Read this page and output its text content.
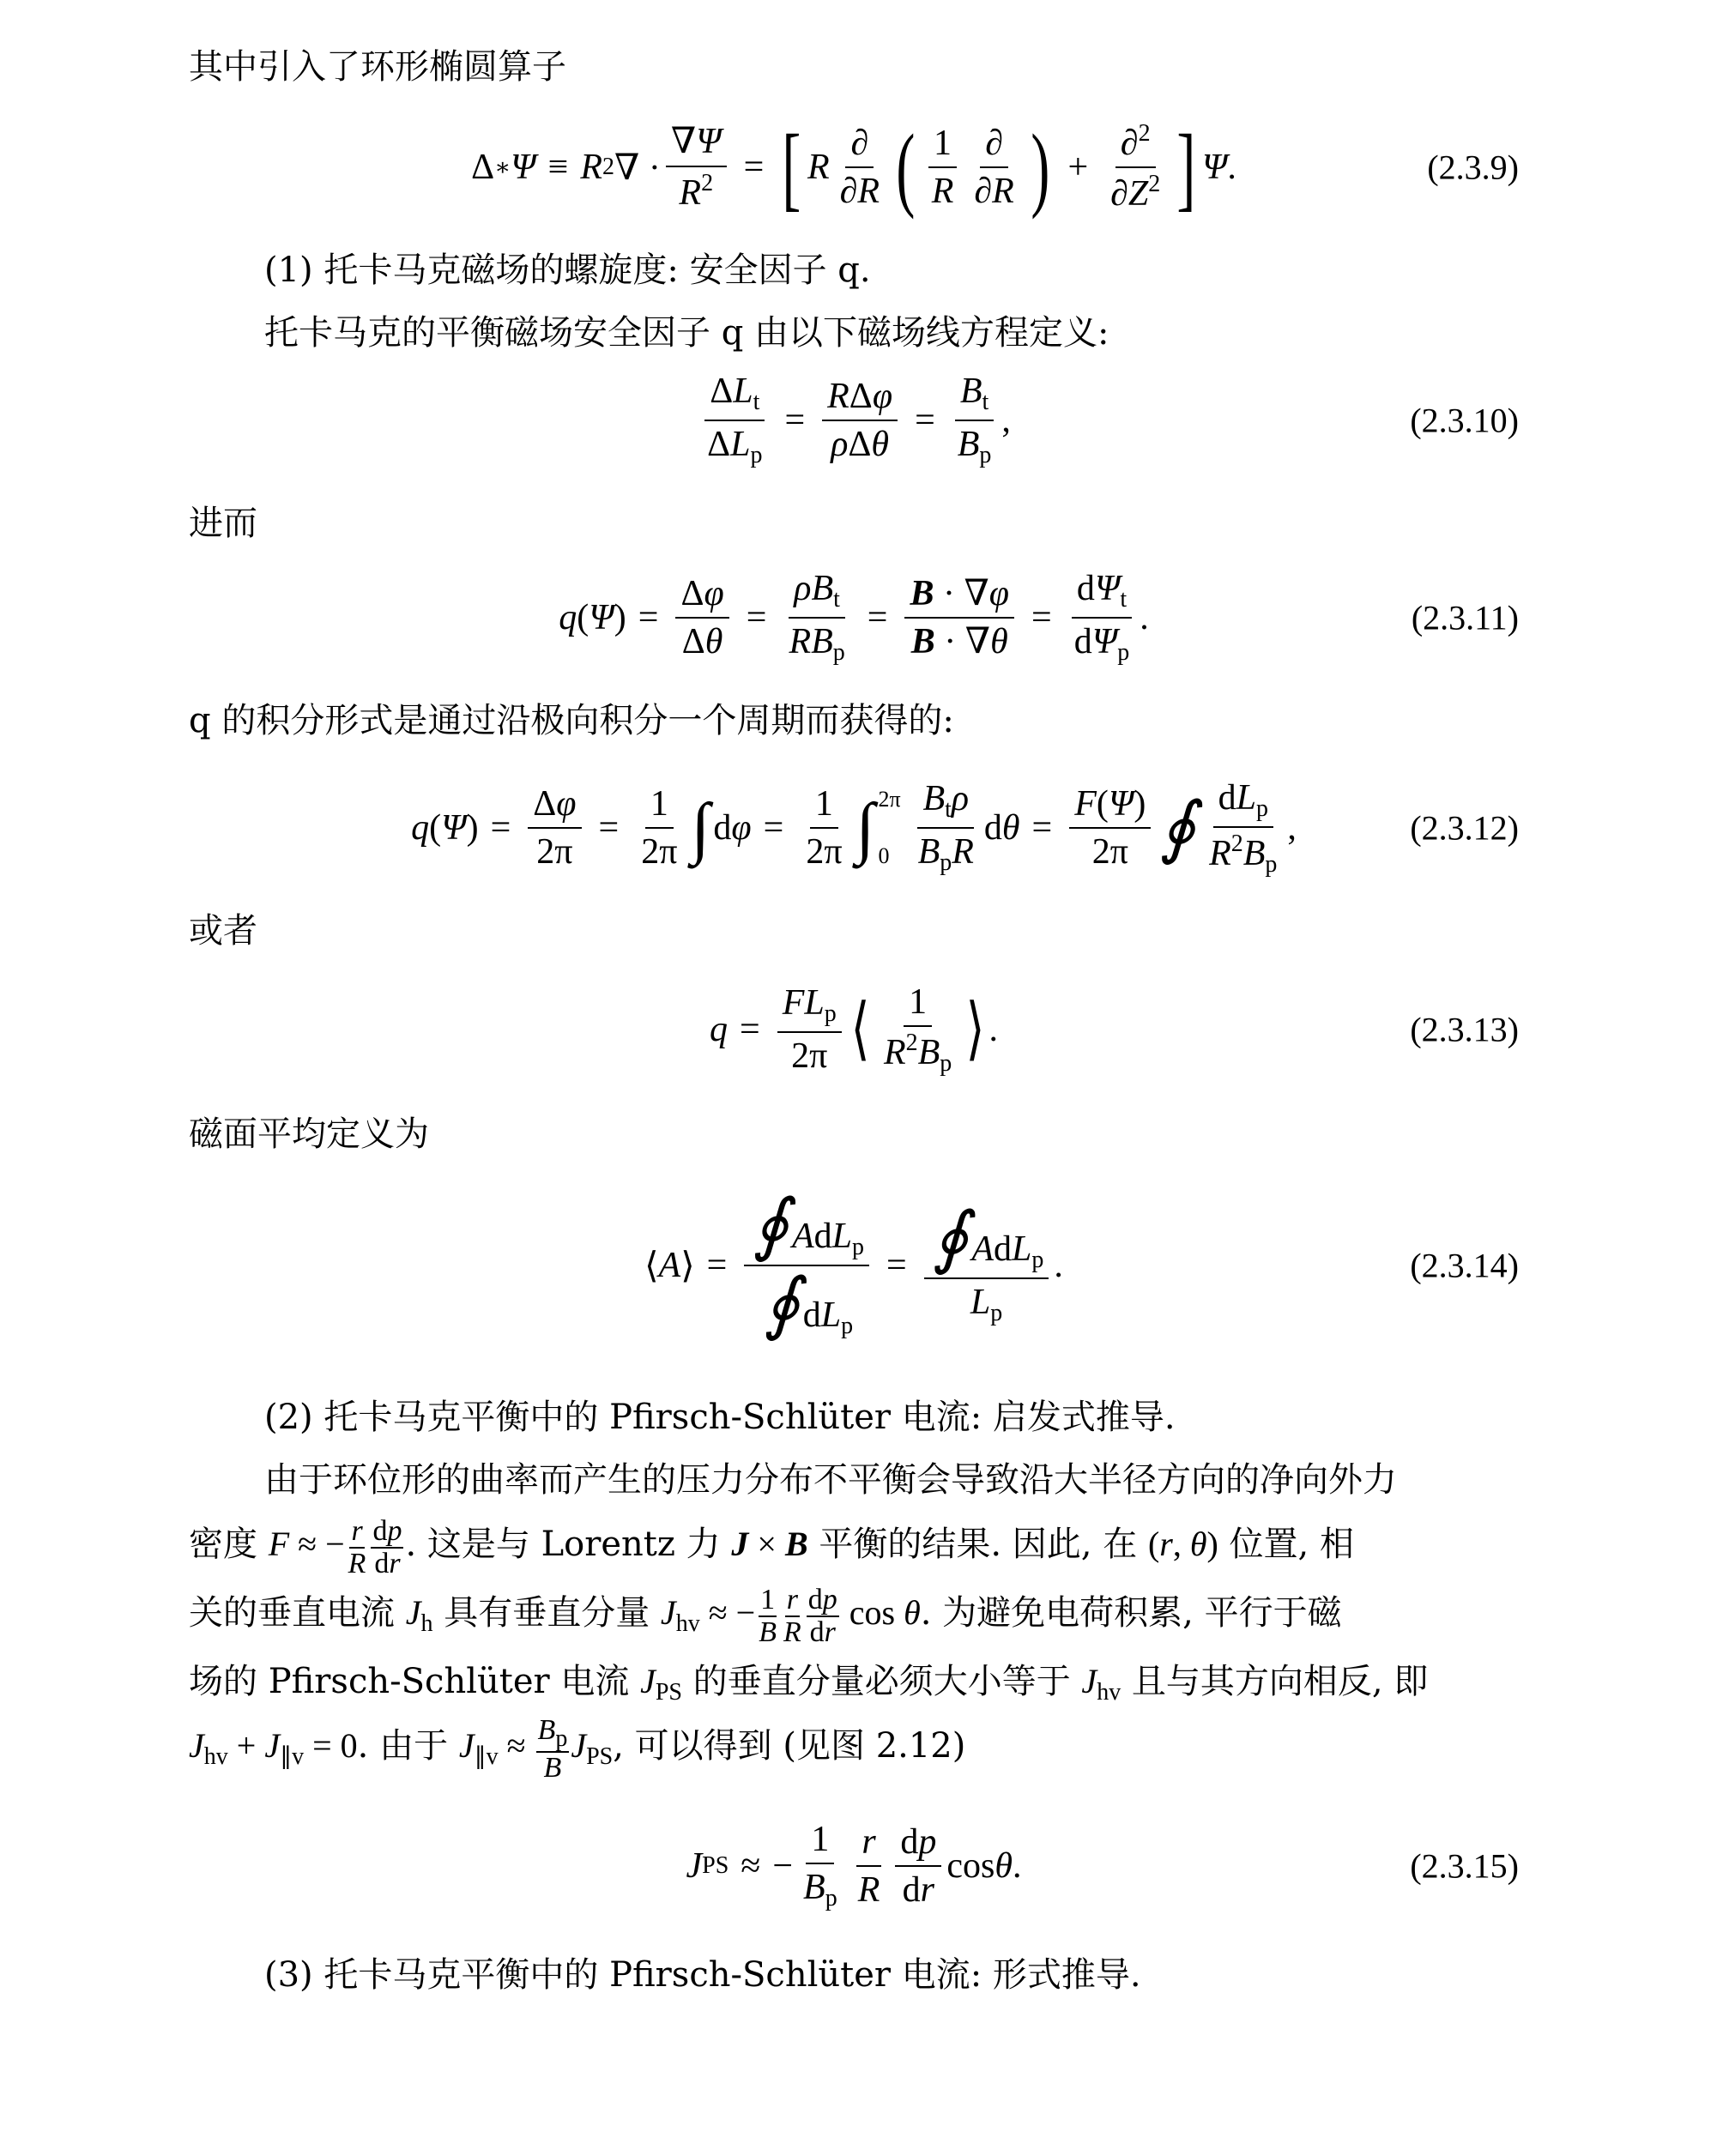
其中引入了环形椭圆算子
Δ ∗ Ψ ≡ R 2 ∇ · $\frac{\nabla\Psi}{R^2}$ = [ R $\frac{\partial}{\partial R}$ ( $\frac{1}{R} \frac{\partial}{\partial R}$ ) + $\frac{\partial^2}{\partial Z^2}$ ] Ψ .	(2.3.9)
(1) 托卡马克磁场的螺旋度: 安全因子 q.
托卡马克的平衡磁场安全因子 q 由以下磁场线方程定义:
$\frac{\Delta L_t}{\Delta L_p} = \frac{\text{RΔφ}}{\text{ρΔθ}} = \frac{B_t}{B_p}$ ,	(2.3.10)
进而
q ( Ψ ) = $\frac{\Delta\varphi}{\Delta\theta} = \frac{\rho B_t}{RB_p} = \frac{B \cdot \nabla\varphi}{B \cdot \nabla\theta} = \frac{d\Psi_t}{d\Psi_p}$ .	(2.3.11)
q 的积分形式是通过沿极向积分一个周期而获得的:
q ( Ψ ) = $\frac{\Delta\varphi}{2\pi} = \frac{1}{2\pi}$ ∫ d $\varphi = \frac{1}{2\pi}$ ∫ 2π
$0 \frac{B_t\rho}{B_pR}$ d $\theta = \frac{F(\Psi)}{2\pi}$ ∮ $\frac{dL_p}{R^2B_p}$ ,	(2.3.12)
或者
$q = \frac{FL_p}{2\pi}$ ⟨ $\frac{1}{R^2B_p}$ ⟩ .	(2.3.13)
磁面平均定义为
⟨ A ⟩ = $\frac{∮AdL_p}{∮dL_p} = \frac{∮AdL_p}{L_p}$ .	(2.3.14)
(2) 托卡马克平衡中的 Pfirsch-Schlüter 电流: 启发式推导.
由于环位形的曲率而产生的压力分布不平衡会导致沿大半径方向的净向外力
密度 F ≈ − $\frac{r}{R} \frac{dp}{dr}$ . 这是与 Lorentz 力 J × B 平衡的结果. 因此, 在 (r, θ) 位置, 相
关的垂直电流 $J_h$ 具有垂直分量 $J_{hv}$ ≈ − $\frac{1}{B} \frac{r}{R} \frac{dp}{dr}$ cos θ. 为避免电荷积累, 平行于磁
场的 Pfirsch-Schlüter 电流 $J_{PS}$ 的垂直分量必须大小等于 $J_{hv}$ 且与其方向相反, 即
$J_{hv} + J_{\parallel v} = 0$. 由于 $J_{\parallel v} \approx \frac{B_p}{B} J_{PS}$, 可以得到 (见图 2.12)
J PS ≈ − $\frac{1}{B_p} \frac{r}{R} \frac{dp}{dr}$ cos θ .	(2.3.15)
(3) 托卡马克平衡中的 Pfirsch-Schlüter 电流: 形式推导.
